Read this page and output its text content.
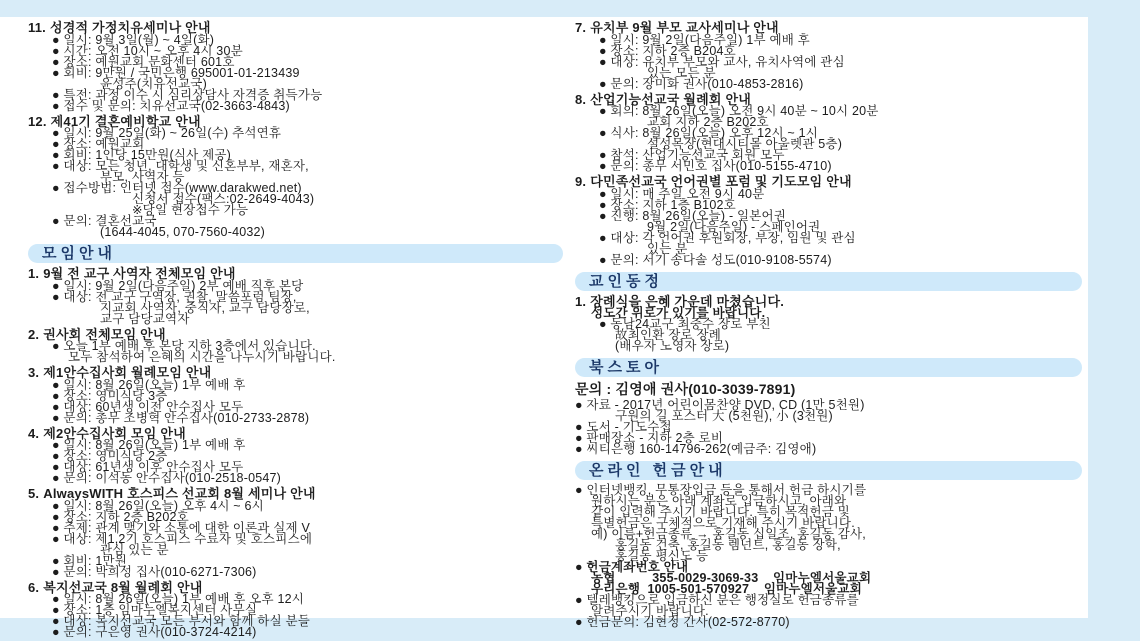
11. 성경적 가정치유세미나 안내
● 일시: 9월 3일(월) ~ 4일(화)
● 시간: 오전 10시 ~ 오후 4시 30분
● 장소: 예원교회 문화센터 601호
● 회비: 9만원 / 국민은행 695001-01-213439
윤성주(치유선교국)
● 특전: 과정 이수 시 심리상담사 자격증 취득가능
● 접수 및 문의: 치유선교국(02-3663-4843)
12. 제41기 결혼예비학교 안내
● 일시: 9월 25일(화) ~ 26일(수) 추석연휴
● 장소: 예원교회
● 회비: 1인당 15만원(식사 제공)
● 대상: 모든 청년, 대학생 및 신혼부부, 재혼자,
부모, 사역자 등
● 접수방법: 인터넷 접수(www.darakwed.net)
신청서 접수(팩스:02-2649-4043)
※당일 현장접수 가능
● 문의: 결혼선교국
(1644-4045, 070-7560-4032)
모임안내
1. 9월 전 교구 사역자 전체모임 안내
● 일시: 9월 2일(다음주일) 2부 예배 직후 본당
● 대상: 전 교구 구역장, 권찰, 말씀포럼 팀장,
지교회 사역자, 중직자, 교구 담당장로,
교구 담당교역자
2. 권사회 전체모임 안내
● 오늘 1부 예배 후 본당 지하 3층에서 있습니다.
모두 참석하여 은혜의 시간을 나누시기 바랍니다.
3. 제1안수집사회 월례모임 안내
● 일시: 8월 26일(오늘) 1부 예배 후
● 장소: 영미식당 3층
● 대상: 60년생 이전 안수집사 모두
● 문의: 총무 조병혁 안수집사(010-2733-2878)
4. 제2안수집사회 모임 안내
● 일시: 8월 26일(오늘) 1부 예배 후
● 장소: 영미식당 2층
● 대상: 61년생 이후 안수집사 모두
● 문의: 이석동 안수집사(010-2518-0547)
5. AlwaysWITH 호스피스 선교회 8월 세미나 안내
● 일시: 8월 26일(오늘) 오후 4시 ~ 6시
● 장소: 지하 2층 B202호
● 주제: 관계 맺기와 소통에 대한 이론과 실제 V
● 대상: 제1,2기 호스피스 수료자 및 호스피스에
관심 있는 분
● 회비: 1만원
● 문의: 박희성 집사(010-6271-7306)
6. 복지선교국 8월 월례회 안내
● 일시: 8월 26일(오늘) 1부 예배 후 오후 12시
● 장소: 1층 임마누엘복지센터 사무실
● 대상: 복지선교국 모든 부서와 함께 하실 분들
● 문의: 구은영 권사(010-3724-4214)
7. 유치부 9월 부모 교사세미나 안내
● 일시: 9월 2일(다음주일) 1부 예배 후
● 장소: 지하 2층 B204호
● 대상: 유치부 부모와 교사, 유치사역에 관심
있는 모든 분
● 문의: 장미화 권사(010-4853-2816)
8. 산업기능선교국 월례회 안내
● 회의: 8월 26일(오늘) 오전 9시 40분 ~ 10시 20분
교회 지하 2층 B202호
● 식사: 8월 26일(오늘) 오후 12시 ~ 1시
설성목장(현대시티몰 아울렛관 5층)
● 참석: 산업기능선교국 회원 모두
● 문의: 총무 서민호 집사(010-5155-4710)
9. 다민족선교국 언어권별 포럼 및 기도모임 안내
● 일시: 매 주일 오전 9시 40분
● 장소: 지하 1층 B102호
● 진행: 8월 26일(오늘) - 일본어권
9월 2일(다음주일) - 스페인어권
● 대상: 각 언어권 후원회장, 부장, 임원 및 관심
있는 분
● 문의: 서기 송다솔 성도(010-9108-5574)
교인동정
1. 장례식을 은혜 가운데 마쳤습니다.
성도간 위로가 있기를 바랍니다.
● 동남24교구 최중수 장로 부친
故최인환 장로 장례
(배우자 노영자 장로)
북스토아
문의 : 김영애 권사(010-3039-7891)
● 자료 - 2017년 어린이몸찬양 DVD, CD (1만 5천원)
구원의 길 포스터 大 (5천원), 小 (3천원)
● 도서 - 기도수첩
● 판매장소 - 지하 2층 로비
● 씨티은행 160-14796-262(예금주: 김영애)
온라인 헌금안내
● 인터넷뱅킹, 무통장입금 등을 통해서 헌금 하시기를
원하시는 분은 아래 계좌로 입금하시고, 아래와
같이 입력해 주시기 바랍니다. 특히 목적헌금 및
특별헌금은 구체적으로 기재해 주시기 바랍니다.
예) 이름+헌금종류 → 홍길동 십일조, 홍길동 감사,
홍길동 건축, 홍길동 렘넌트, 홍길동 장학,
홍길동 평신도 등
● 헌금계좌번호 안내
농협          355-0029-3069-33    임마누엘서울교회
우리은행  1005-501-570927    임마누엘서울교회
● 텔레뱅킹으로 입금하신 분은 행정실로 헌금종류를
알려주시기 바랍니다.
● 헌금문의: 김현정 간사(02-572-8770)
